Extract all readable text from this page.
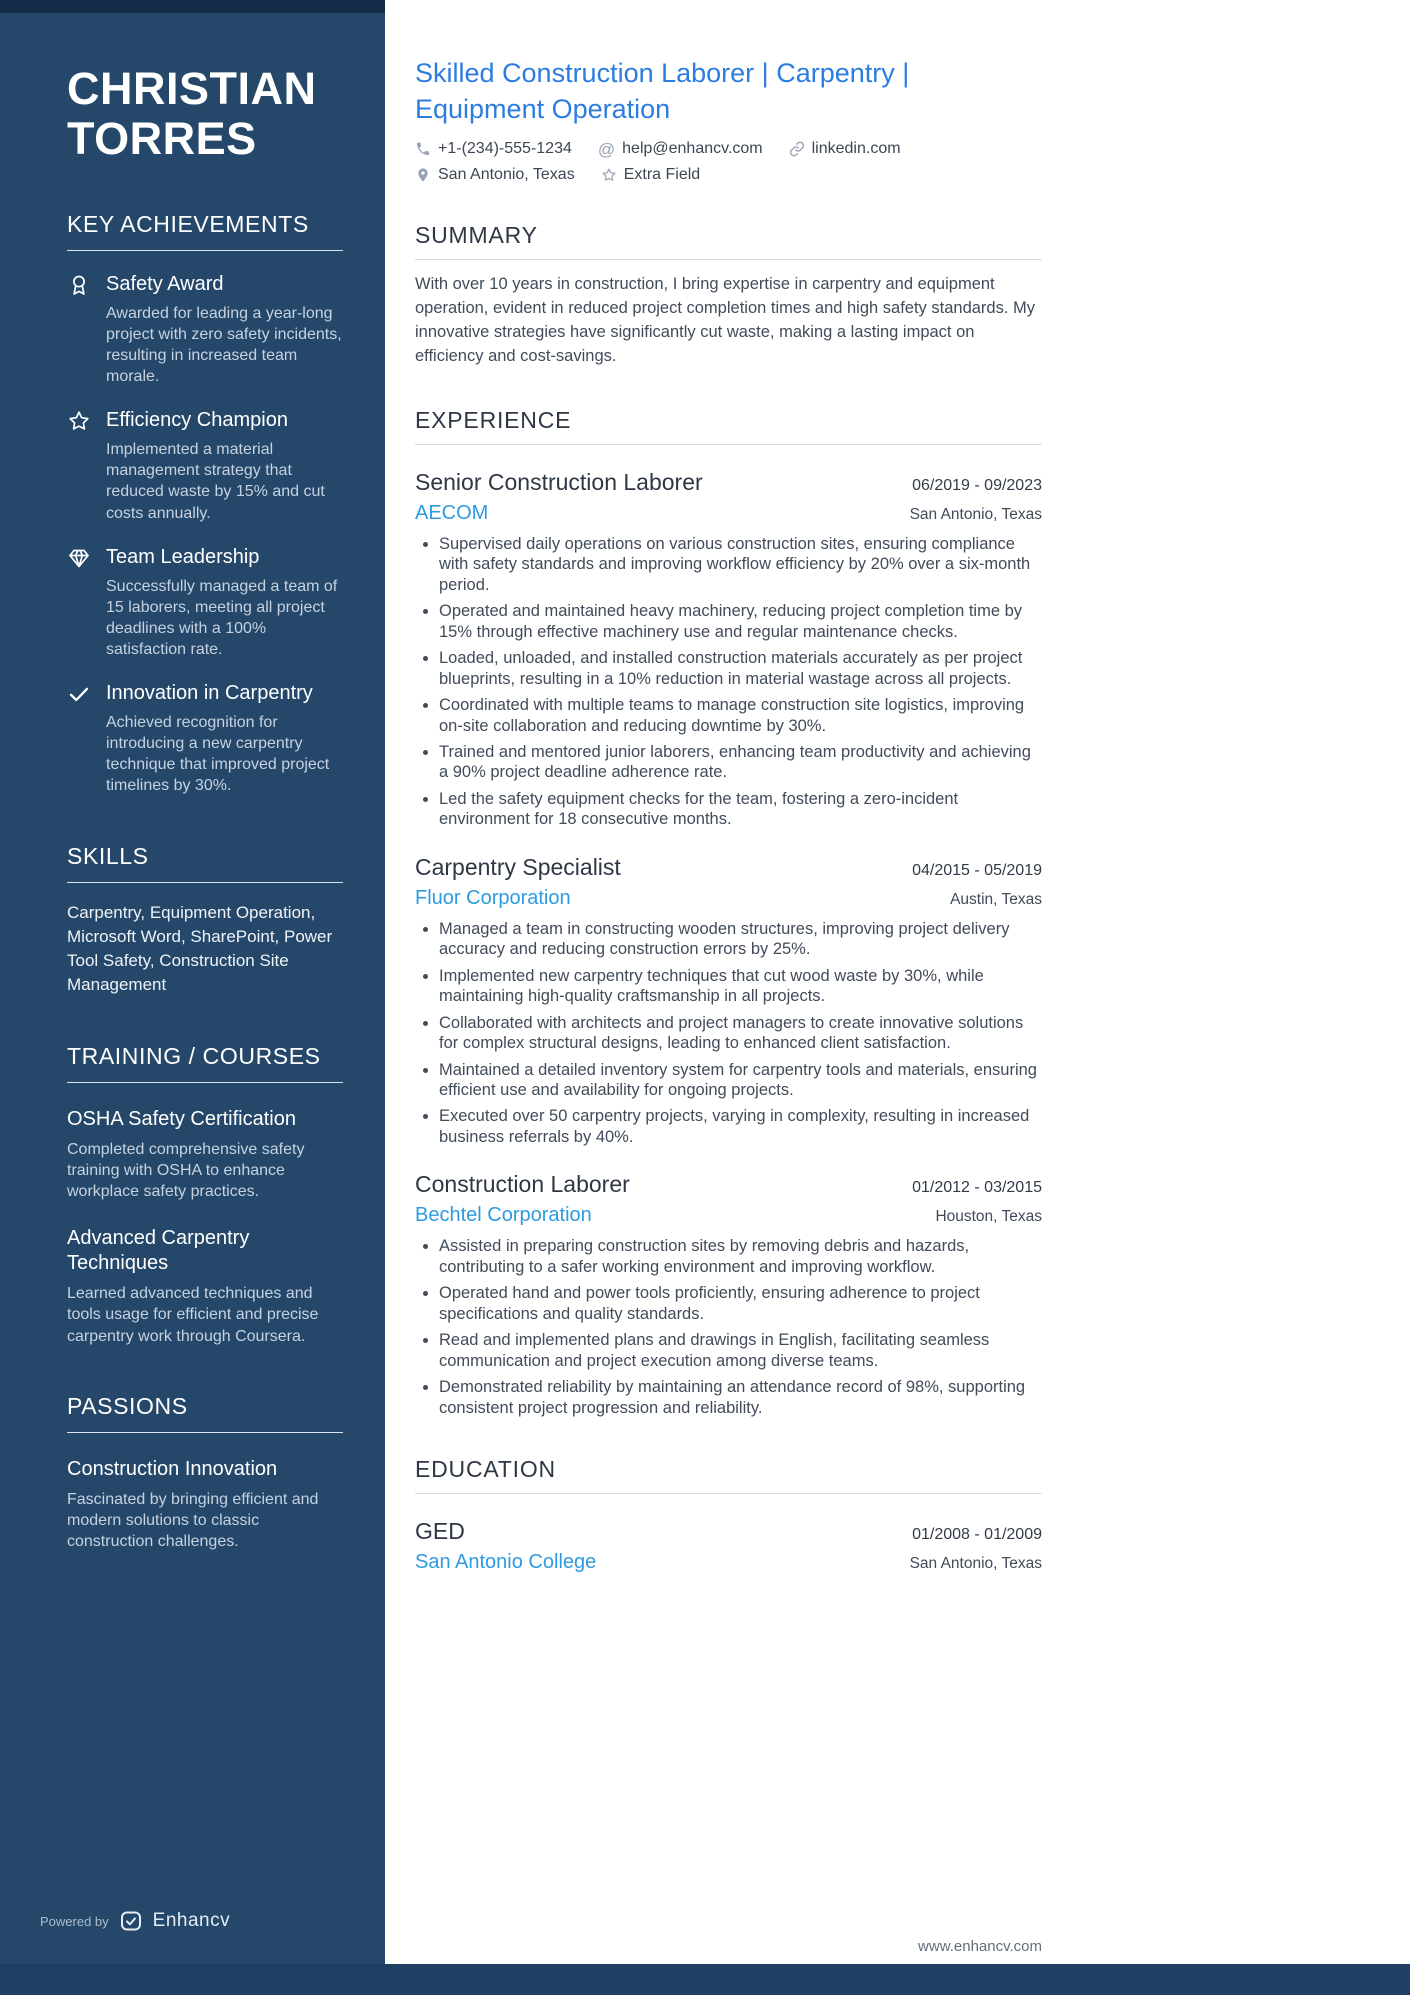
CHRISTIAN TORRES
KEY ACHIEVEMENTS
Safety Award
Awarded for leading a year-long project with zero safety incidents, resulting in increased team morale.
Efficiency Champion
Implemented a material management strategy that reduced waste by 15% and cut costs annually.
Team Leadership
Successfully managed a team of 15 laborers, meeting all project deadlines with a 100% satisfaction rate.
Innovation in Carpentry
Achieved recognition for introducing a new carpentry technique that improved project timelines by 30%.
SKILLS

Carpentry, Equipment Operation, Microsoft Word, SharePoint, Power Tool Safety, Construction Site Management

TRAINING / COURSES
OSHA Safety Certification
Completed comprehensive safety training with OSHA to enhance workplace safety practices.
Advanced Carpentry Techniques
Learned advanced techniques and tools usage for efficient and precise carpentry work through Coursera.
PASSIONS
Construction Innovation
Fascinated by bringing efficient and modern solutions to classic construction challenges.
Powered by Enhancv
Skilled Construction Laborer | Carpentry | Equipment Operation
+1-(234)-555-1234 @ help@enhancv.com	linkedin.com
San Antonio, Texas	Extra Field
SUMMARY

With over 10 years in construction, I bring expertise in carpentry and equipment operation, evident in reduced project completion times and high safety standards. My innovative strategies have significantly cut waste, making a lasting impact on efficiency and cost-savings.

EXPERIENCE
Senior Construction Laborer	06/2019 - 09/2023
AECOM	San Antonio, Texas
• Supervised daily operations on various construction sites, ensuring compliance with safety standards and improving workflow efficiency by 20% over a six-month period.
• Operated and maintained heavy machinery, reducing project completion time by 15% through effective machinery use and regular maintenance checks.
• Loaded, unloaded, and installed construction materials accurately as per project blueprints, resulting in a 10% reduction in material wastage across all projects.
• Coordinated with multiple teams to manage construction site logistics, improving on-site collaboration and reducing downtime by 30%.
• Trained and mentored junior laborers, enhancing team productivity and achieving a 90% project deadline adherence rate.
• Led the safety equipment checks for the team, fostering a zero-incident environment for 18 consecutive months.
Carpentry Specialist	04/2015 - 05/2019
Fluor Corporation	Austin, Texas
• Managed a team in constructing wooden structures, improving project delivery accuracy and reducing construction errors by 25%.
• Implemented new carpentry techniques that cut wood waste by 30%, while maintaining high-quality craftsmanship in all projects.
• Collaborated with architects and project managers to create innovative solutions for complex structural designs, leading to enhanced client satisfaction.
• Maintained a detailed inventory system for carpentry tools and materials, ensuring efficient use and availability for ongoing projects.
• Executed over 50 carpentry projects, varying in complexity, resulting in increased business referrals by 40%.
Construction Laborer	01/2012 - 03/2015
Bechtel Corporation	Houston, Texas
• Assisted in preparing construction sites by removing debris and hazards, contributing to a safer working environment and improving workflow.
• Operated hand and power tools proficiently, ensuring adherence to project specifications and quality standards.
• Read and implemented plans and drawings in English, facilitating seamless communication and project execution among diverse teams.
• Demonstrated reliability by maintaining an attendance record of 98%, supporting consistent project progression and reliability.
EDUCATION
GED	01/2008 - 01/2009
San Antonio College	San Antonio, Texas
www.enhancv.com
